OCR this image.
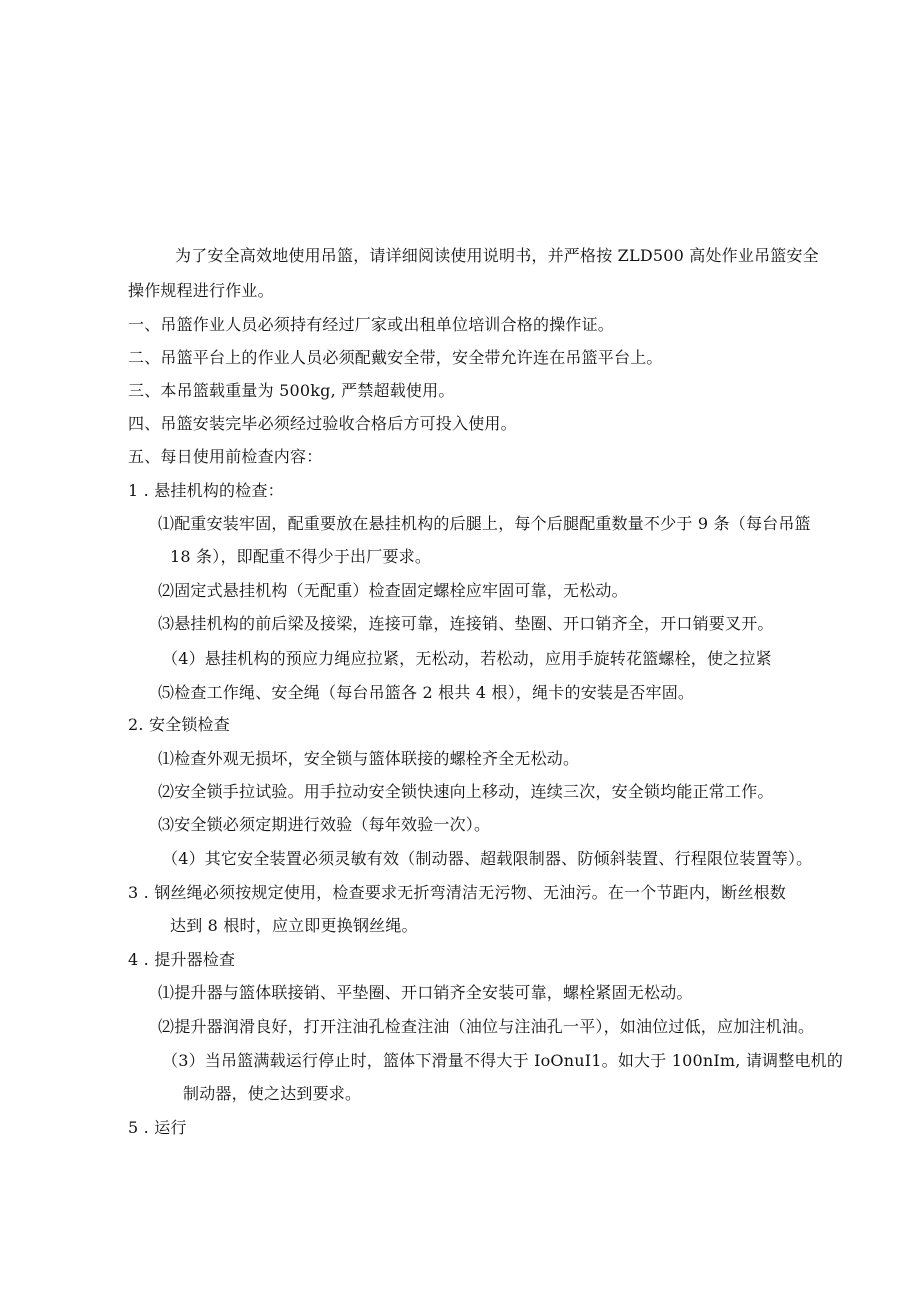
为了安全高效地使用吊篮，请详细阅读使用说明书，并严格按 ZLD500 高处作业吊篮安全
操作规程进行作业。
一、吊篮作业人员必须持有经过厂家或出租单位培训合格的操作证。
二、吊篮平台上的作业人员必须配戴安全带，安全带允许连在吊篮平台上。
三、本吊篮载重量为 500kg, 严禁超载使用。
四、吊篮安装完毕必须经过验收合格后方可投入使用。
五、每日使用前检查内容：
1 . 悬挂机构的检查：
⑴配重安装牢固，配重要放在悬挂机构的后腿上，每个后腿配重数量不少于 9 条（每台吊篮
18 条），即配重不得少于出厂要求。
⑵固定式悬挂机构（无配重）检查固定螺栓应牢固可靠，无松动。
⑶悬挂机构的前后梁及接梁，连接可靠，连接销、垫圈、开口销齐全，开口销要叉开。
（4）悬挂机构的预应力绳应拉紧，无松动，若松动，应用手旋转花篮螺栓，使之拉紧
⑸检查工作绳、安全绳（每台吊篮各 2 根共 4 根），绳卡的安装是否牢固。
2. 安全锁检查
⑴检查外观无损坏，安全锁与篮体联接的螺栓齐全无松动。
⑵安全锁手拉试验。用手拉动安全锁快速向上移动，连续三次，安全锁均能正常工作。
⑶安全锁必须定期进行效验（每年效验一次）。
（4）其它安全装置必须灵敏有效（制动器、超载限制器、防倾斜装置、行程限位装置等）。
3 . 钢丝绳必须按规定使用，检查要求无折弯清洁无污物、无油污。在一个节距内，断丝根数
达到 8 根时，应立即更换钢丝绳。
4 . 提升器检查
⑴提升器与篮体联接销、平垫圈、开口销齐全安装可靠，螺栓紧固无松动。
⑵提升器润滑良好，打开注油孔检查注油（油位与注油孔一平），如油位过低，应加注机油。
（3）当吊篮满载运行停止时，篮体下滑量不得大于 IoOnuI1。如大于 100nIm, 请调整电机的
制动器，使之达到要求。
5 . 运行
